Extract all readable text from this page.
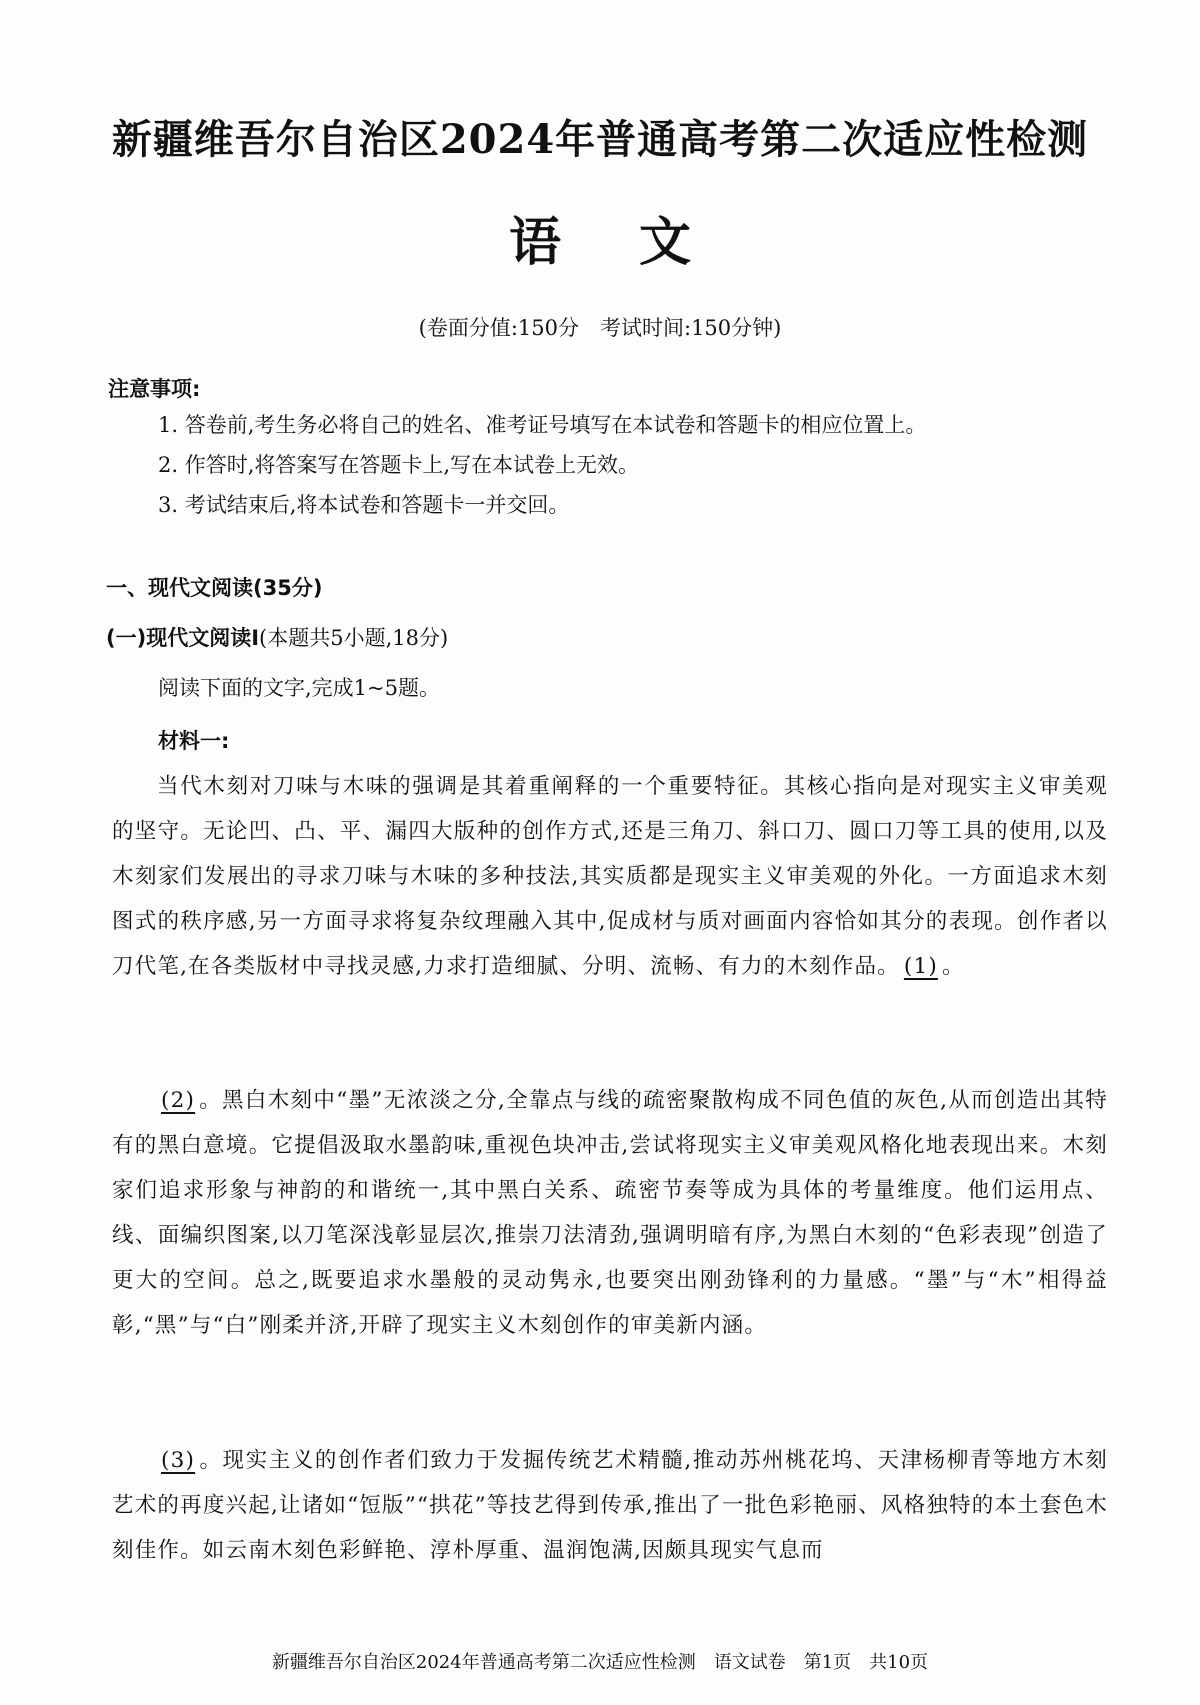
新疆维吾尔自治区2024年普通高考第二次适应性检测
语 文
(卷面分值:150分　考试时间:150分钟)
注意事项:
1. 答卷前,考生务必将自己的姓名、准考证号填写在本试卷和答题卡的相应位置上。
2. 作答时,将答案写在答题卡上,写在本试卷上无效。
3. 考试结束后,将本试卷和答题卡一并交回。
一、现代文阅读(35分)
(一)现代文阅读Ⅰ(本题共5小题,18分)
阅读下面的文字,完成1~5题。
材料一:

当代木刻对刀味与木味的强调是其着重阐释的一个重要特征。其核心指向是对现实主义审美观的坚守。无论凹、凸、平、漏四大版种的创作方式,还是三角刀、斜口刀、圆口刀等工具的使用,以及木刻家们发展出的寻求刀味与木味的多种技法,其实质都是现实主义审美观的外化。一方面追求木刻图式的秩序感,另一方面寻求将复杂纹理融入其中,促成材与质对画面内容恰如其分的表现。创作者以刀代笔,在各类版材中寻找灵感,力求打造细腻、分明、流畅、有力的木刻作品。 (1) 。

(2) 。黑白木刻中“墨”无浓淡之分,全靠点与线的疏密聚散构成不同色值的灰色,从而创造出其特有的黑白意境。它提倡汲取水墨韵味,重视色块冲击,尝试将现实主义审美观风格化地表现出来。木刻家们追求形象与神韵的和谐统一,其中黑白关系、疏密节奏等成为具体的考量维度。他们运用点、线、面编织图案,以刀笔深浅彰显层次,推崇刀法清劲,强调明暗有序,为黑白木刻的“色彩表现”创造了更大的空间。总之,既要追求水墨般的灵动隽永,也要突出刚劲锋利的力量感。“墨”与“木”相得益彰,“黑”与“白”刚柔并济,开辟了现实主义木刻创作的审美新内涵。

(3) 。现实主义的创作者们致力于发掘传统艺术精髓,推动苏州桃花坞、天津杨柳青等地方木刻艺术的再度兴起,让诸如“饾版”“拱花”等技艺得到传承,推出了一批色彩艳丽、风格独特的本土套色木刻佳作。如云南木刻色彩鲜艳、淳朴厚重、温润饱满,因颇具现实气息而

新疆维吾尔自治区2024年普通高考第二次适应性检测　语文试卷　第1页　共10页
